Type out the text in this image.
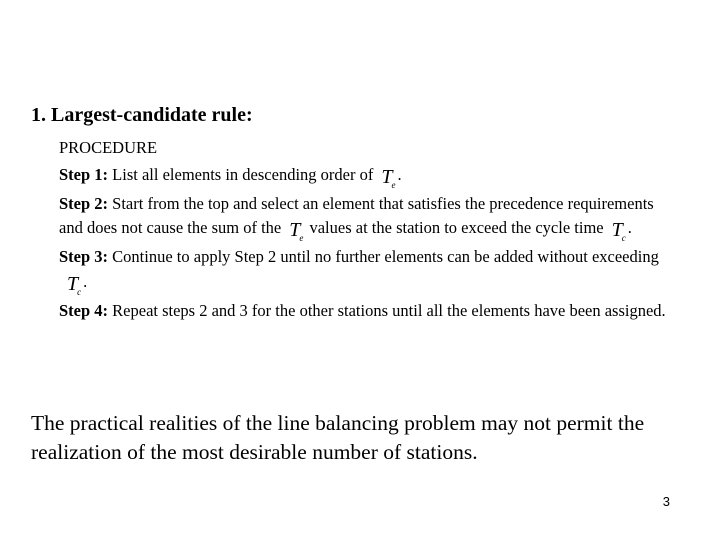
1. Largest-candidate rule:

PROCEDURE

Step 1: List all elements in descending order of $T_e$.

Step 2: Start from the top and select an element that satisfies the precedence requirements and does not cause the sum of the $T_e$ values at the station to exceed the cycle time $T_c$.

Step 3: Continue to apply Step 2 until no further elements can be added without exceedingT$_c$.

Step 4: Repeat steps 2 and 3 for the other stations until all the elements have been assigned.

The practical realities of the line balancing problem may not permit the realization of the most desirable number of stations.
3
